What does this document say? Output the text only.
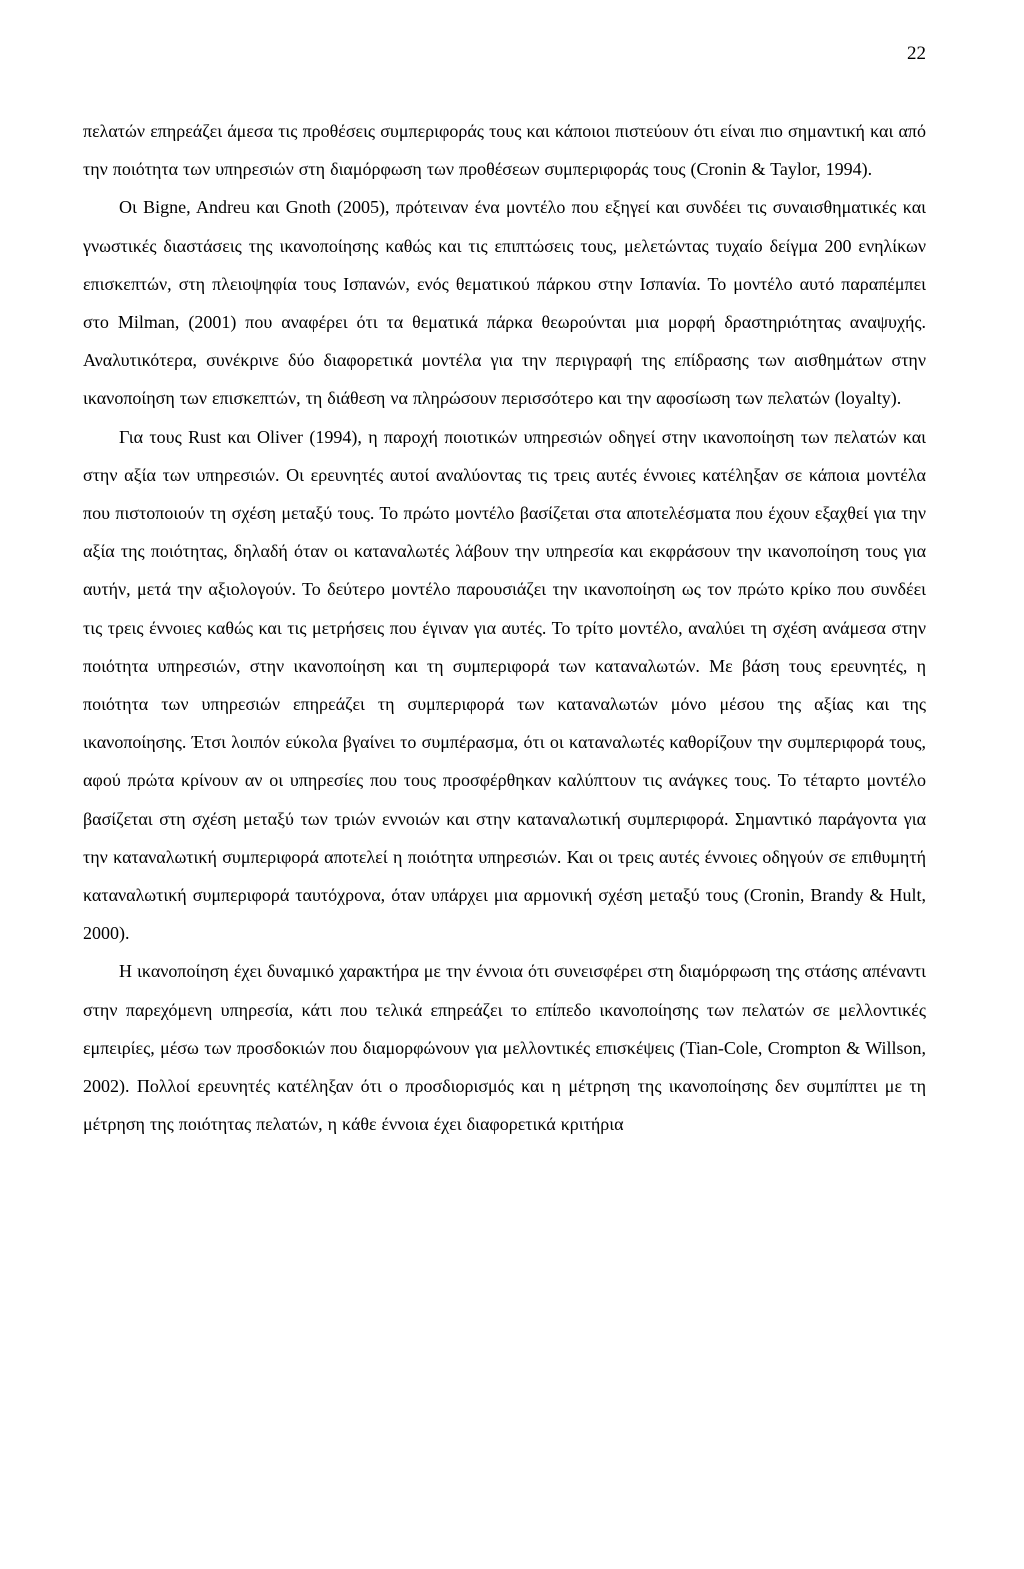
22

πελατών επηρεάζει άμεσα τις προθέσεις συμπεριφοράς τους και κάποιοι πιστεύουν ότι είναι πιο σημαντική και από την ποιότητα των υπηρεσιών στη διαμόρφωση των προθέσεων συμπεριφοράς τους (Cronin & Taylor, 1994).

Οι Bigne, Andreu και Gnoth (2005), πρότειναν ένα μοντέλο που εξηγεί και συνδέει τις συναισθηματικές και γνωστικές διαστάσεις της ικανοποίησης καθώς και τις επιπτώσεις τους, μελετώντας τυχαίο δείγμα 200 ενηλίκων επισκεπτών, στη πλειοψηφία τους Ισπανών, ενός θεματικού πάρκου στην Ισπανία. Το μοντέλο αυτό παραπέμπει στο Milman, (2001) που αναφέρει ότι τα θεματικά πάρκα θεωρούνται μια μορφή δραστηριότητας αναψυχής. Αναλυτικότερα, συνέκρινε δύο διαφορετικά μοντέλα για την περιγραφή της επίδρασης των αισθημάτων στην ικανοποίηση των επισκεπτών, τη διάθεση να πληρώσουν περισσότερο και την αφοσίωση των πελατών (loyalty).

Για τους Rust και Oliver (1994), η παροχή ποιοτικών υπηρεσιών οδηγεί στην ικανοποίηση των πελατών και στην αξία των υπηρεσιών. Οι ερευνητές αυτοί αναλύοντας τις τρεις αυτές έννοιες κατέληξαν σε κάποια μοντέλα που πιστοποιούν τη σχέση μεταξύ τους. Το πρώτο μοντέλο βασίζεται στα αποτελέσματα που έχουν εξαχθεί για την αξία της ποιότητας, δηλαδή όταν οι καταναλωτές λάβουν την υπηρεσία και εκφράσουν την ικανοποίηση τους για αυτήν, μετά την αξιολογούν. Το δεύτερο μοντέλο παρουσιάζει την ικανοποίηση ως τον πρώτο κρίκο που συνδέει τις τρεις έννοιες καθώς και τις μετρήσεις που έγιναν για αυτές. Το τρίτο μοντέλο, αναλύει τη σχέση ανάμεσα στην ποιότητα υπηρεσιών, στην ικανοποίηση και τη συμπεριφορά των καταναλωτών. Με βάση τους ερευνητές, η ποιότητα των υπηρεσιών επηρεάζει τη συμπεριφορά των καταναλωτών μόνο μέσου της αξίας και της ικανοποίησης. Έτσι λοιπόν εύκολα βγαίνει το συμπέρασμα, ότι οι καταναλωτές καθορίζουν την συμπεριφορά τους, αφού πρώτα κρίνουν αν οι υπηρεσίες που τους προσφέρθηκαν καλύπτουν τις ανάγκες τους. Το τέταρτο μοντέλο βασίζεται στη σχέση μεταξύ των τριών εννοιών και στην καταναλωτική συμπεριφορά. Σημαντικό παράγοντα για την καταναλωτική συμπεριφορά αποτελεί η ποιότητα υπηρεσιών. Και οι τρεις αυτές έννοιες οδηγούν σε επιθυμητή καταναλωτική συμπεριφορά ταυτόχρονα, όταν υπάρχει μια αρμονική σχέση μεταξύ τους (Cronin, Brandy & Hult, 2000).

Η ικανοποίηση έχει δυναμικό χαρακτήρα με την έννοια ότι συνεισφέρει στη διαμόρφωση της στάσης απέναντι στην παρεχόμενη υπηρεσία, κάτι που τελικά επηρεάζει το επίπεδο ικανοποίησης των πελατών σε μελλοντικές εμπειρίες, μέσω των προσδοκιών που διαμορφώνουν για μελλοντικές επισκέψεις (Tian-Cole, Crompton & Willson, 2002). Πολλοί ερευνητές κατέληξαν ότι ο προσδιορισμός και η μέτρηση της ικανοποίησης δεν συμπίπτει με τη μέτρηση της ποιότητας πελατών, η κάθε έννοια έχει διαφορετικά κριτήρια
